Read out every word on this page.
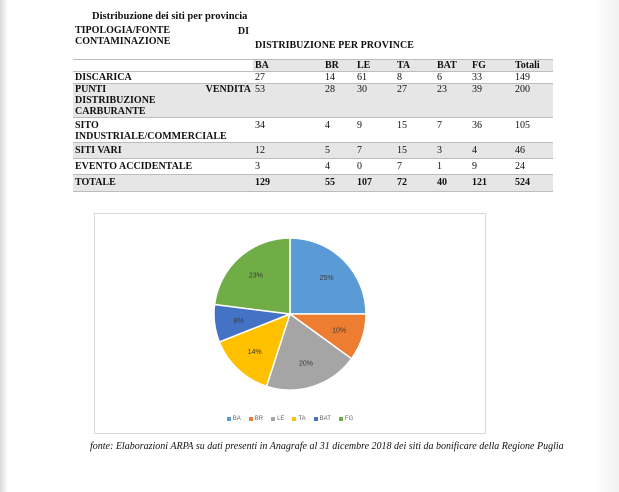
Distribuzione dei siti per provincia
TIPOLOGIA/FONTE DI
CONTAMINAZIONE	DISTRIBUZIONE PER PROVINCE						
	BA	BR	LE	TA	BAT	FG	Totali
DISCARICA	27	14	61	8	6	33	149

PUNTI VENDITA
DISTRIBUZIONE
CARBURANTE	53	28	30	27	23	39	200

SITO
INDUSTRIALE/COMMERCIALE	34	4	9	15	7	36	105
SITI VARI	12	5	7	15	3	4	46
EVENTO ACCIDENTALE	3	4	0	7	1	9	24
TOTALE	129	55	107	72	40	121	524
25%
10%
20%
14%
8%
23%
BA BR LE TA BAT FG
fonte: Elaborazioni ARPA su dati presenti in Anagrafe al 31 dicembre 2018 dei siti da bonificare della Regione Puglia
